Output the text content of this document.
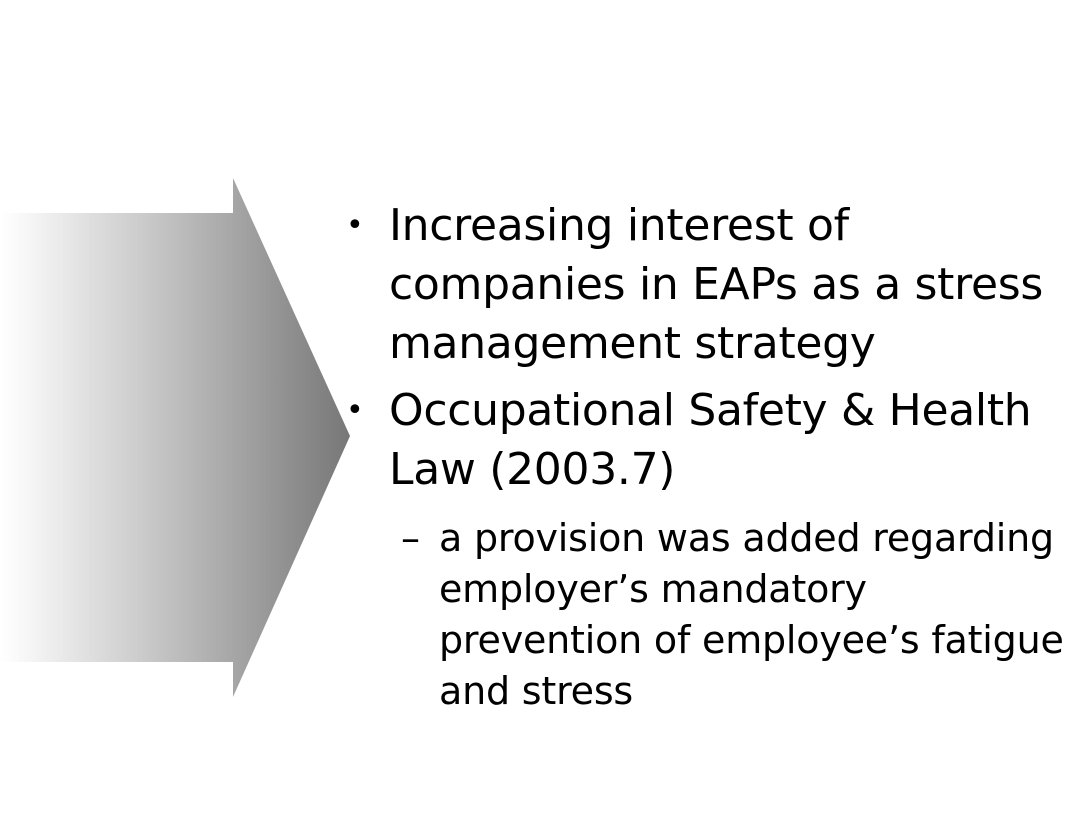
• Increasing interest of companies in EAPs as a stress management strategy
• Occupational Safety & Health Law (2003.7)
– a provision was added regarding employer’s mandatory prevention of employee’s fatigue and stress
